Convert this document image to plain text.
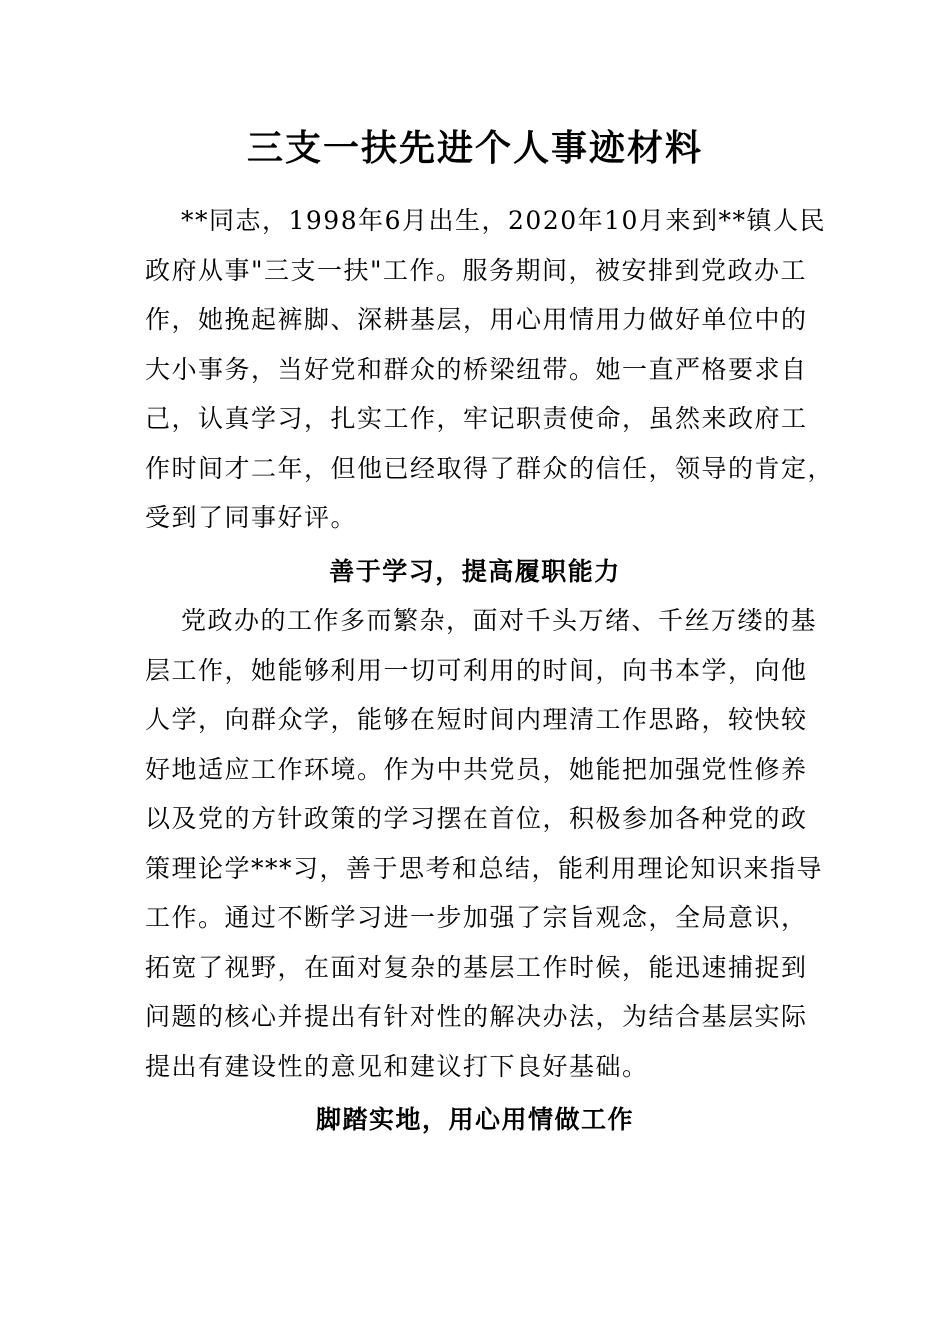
三支一扶先进个人事迹材料
**同志，1998年6月出生，2020年10月来到**镇人民
政府从事"三支一扶"工作。服务期间，被安排到党政办工
作，她挽起裤脚、深耕基层，用心用情用力做好单位中的
大小事务，当好党和群众的桥梁纽带。她一直严格要求自
己，认真学习，扎实工作，牢记职责使命，虽然来政府工
作时间才二年，但他已经取得了群众的信任，领导的肯定，
受到了同事好评。
善于学习，提高履职能力
党政办的工作多而繁杂，面对千头万绪、千丝万缕的基
层工作，她能够利用一切可利用的时间，向书本学，向他
人学，向群众学，能够在短时间内理清工作思路，较快较
好地适应工作环境。作为中共党员，她能把加强党性修养
以及党的方针政策的学习摆在首位，积极参加各种党的政
策理论学***习，善于思考和总结，能利用理论知识来指导
工作。通过不断学习进一步加强了宗旨观念，全局意识，
拓宽了视野，在面对复杂的基层工作时候，能迅速捕捉到
问题的核心并提出有针对性的解决办法，为结合基层实际
提出有建设性的意见和建议打下良好基础。
脚踏实地，用心用情做工作
